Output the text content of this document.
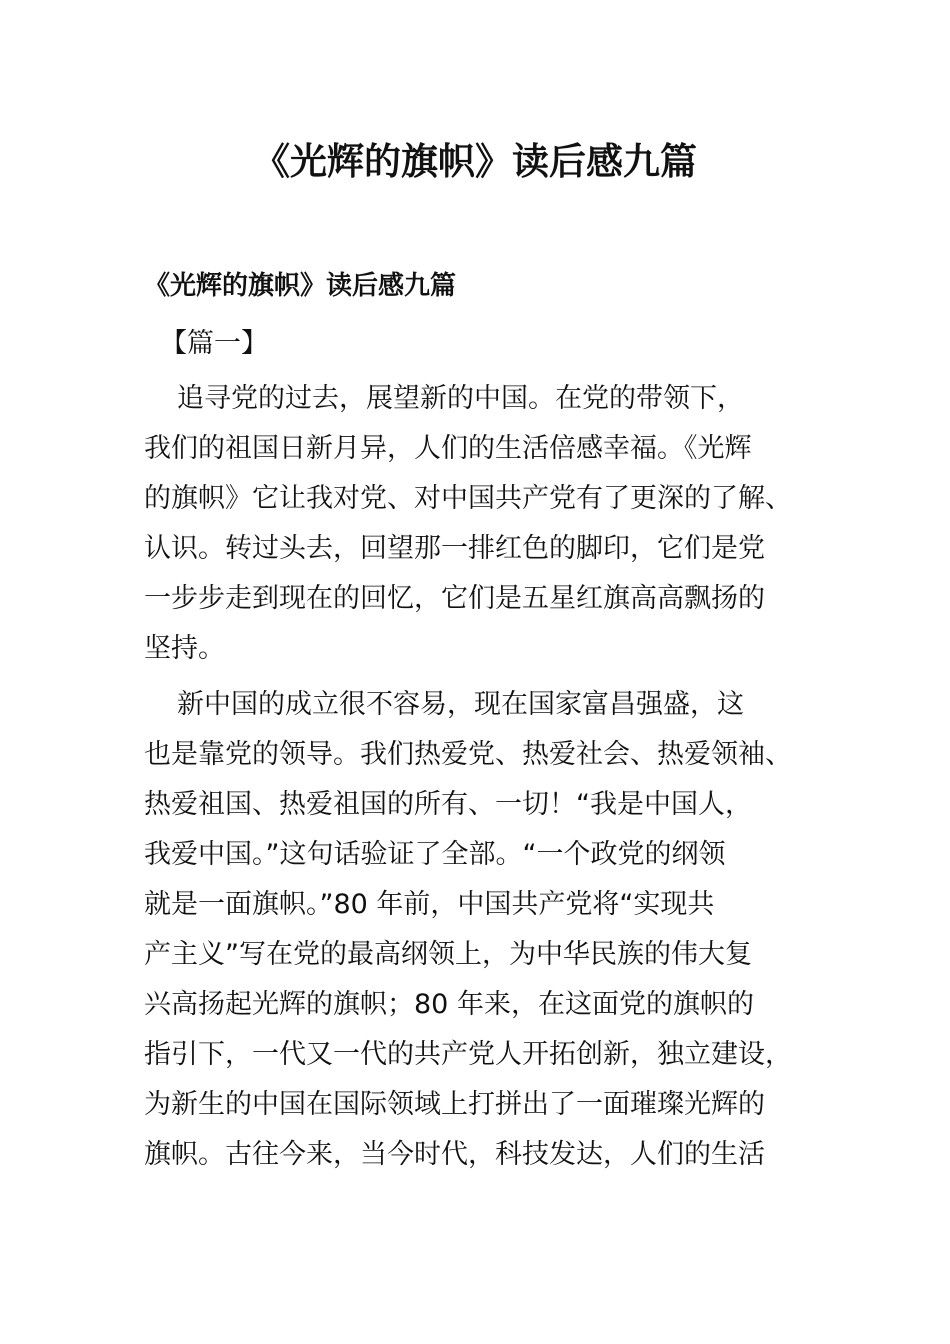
《光辉的旗帜》读后感九篇
《光辉的旗帜》读后感九篇

【篇一】

追寻党的过去，展望新的中国。在党的带领下，
我们的祖国日新月异，人们的生活倍感幸福。《光辉
的旗帜》它让我对党、对中国共产党有了更深的了解、
认识。转过头去，回望那一排红色的脚印，它们是党
一步步走到现在的回忆，它们是五星红旗高高飘扬的
坚持。
新中国的成立很不容易，现在国家富昌强盛，这
也是靠党的领导。我们热爱党、热爱社会、热爱领袖、
热爱祖国、热爱祖国的所有、一切！“我是中国人，
我爱中国。”这句话验证了全部。“一个政党的纲领
就是一面旗帜。”80 年前，中国共产党将“实现共
产主义”写在党的最高纲领上，为中华民族的伟大复
兴高扬起光辉的旗帜；80 年来，在这面党的旗帜的
指引下，一代又一代的共产党人开拓创新，独立建设，
为新生的中国在国际领域上打拼出了一面璀璨光辉的
旗帜。古往今来，当今时代，科技发达，人们的生活
